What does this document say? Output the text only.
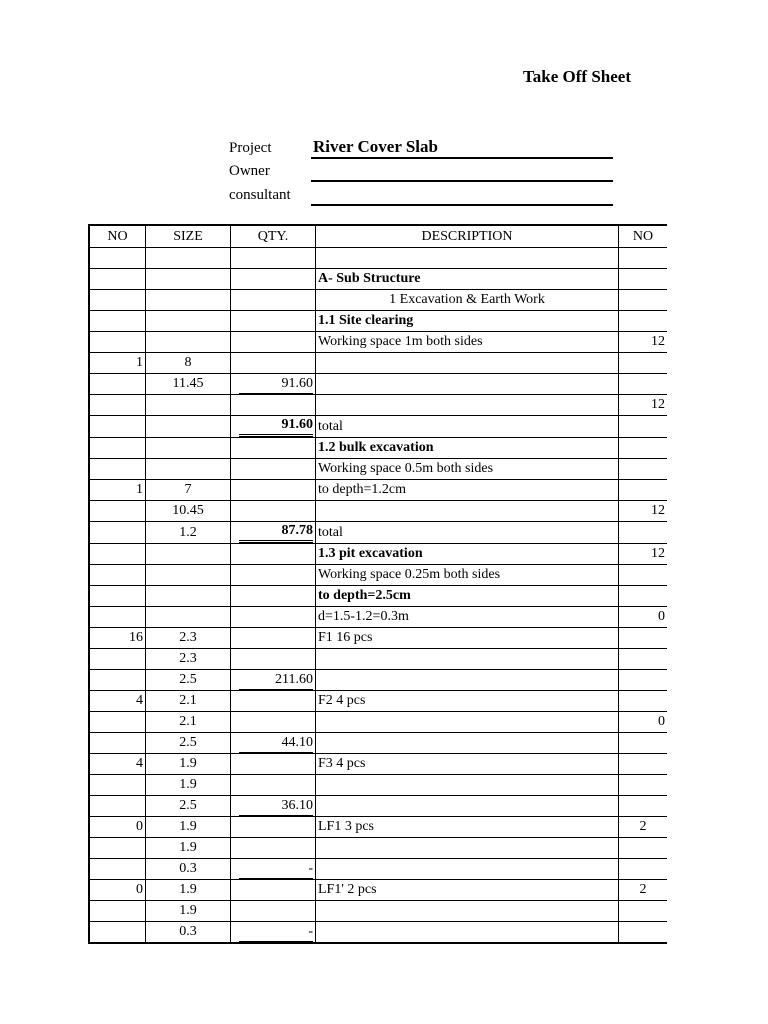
Take Off Sheet
Project River Cover Slab
Owner
consultant
NO	SIZE	QTY.	DESCRIPTION	NO

			A- Sub Structure	
			1 Excavation & Earth Work	
			1.1 Site clearing	
			Working space 1m both sides	12
1	8			
	11.45	91.60		
				12
		91.60	total	
			1.2 bulk excavation	
			Working space 0.5m both sides	
1	7		to depth=1.2cm	
	10.45			12
	1.2	87.78	total	
			1.3 pit excavation	12
			Working space 0.25m both sides	
			to depth=2.5cm	
			d=1.5-1.2=0.3m	0
16	2.3		F1 16 pcs	
	2.3			
	2.5	211.60		
4	2.1		F2 4 pcs	
	2.1			0
	2.5	44.10		
4	1.9		F3 4 pcs	
	1.9			
	2.5	36.10		
0	1.9		LF1 3 pcs	2
	1.9			
	0.3	-		
0	1.9		LF1' 2 pcs	2
	1.9			
	0.3	-		
